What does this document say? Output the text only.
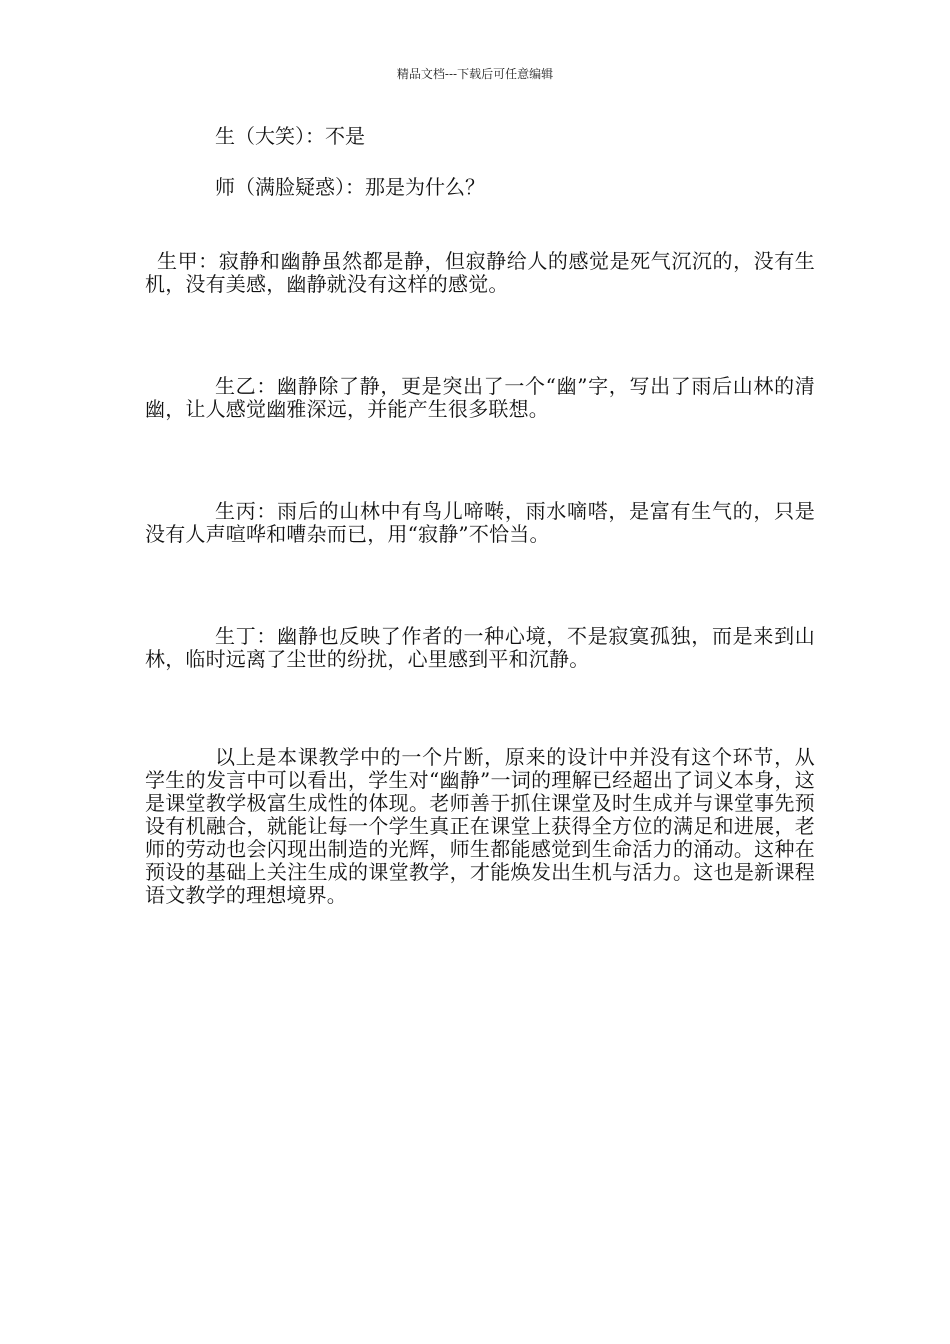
精品文档---下载后可任意编辑
生（大笑）：不是
师（满脸疑惑）：那是为什么？
生甲：寂静和幽静虽然都是静，但寂静给人的感觉是死气沉沉的，没有生机，没有美感，幽静就没有这样的感觉。
生乙：幽静除了静，更是突出了一个“幽”字，写出了雨后山林的清幽，让人感觉幽雅深远，并能产生很多联想。
生丙：雨后的山林中有鸟儿啼啭，雨水嘀嗒，是富有生气的，只是没有人声喧哗和嘈杂而已，用“寂静”不恰当。
生丁：幽静也反映了作者的一种心境，不是寂寞孤独，而是来到山林，临时远离了尘世的纷扰，心里感到平和沉静。
以上是本课教学中的一个片断，原来的设计中并没有这个环节，从学生的发言中可以看出，学生对“幽静”一词的理解已经超出了词义本身，这是课堂教学极富生成性的体现。老师善于抓住课堂及时生成并与课堂事先预设有机融合，就能让每一个学生真正在课堂上获得全方位的满足和进展，老师的劳动也会闪现出制造的光辉，师生都能感觉到生命活力的涌动。这种在预设的基础上关注生成的课堂教学，才能焕发出生机与活力。这也是新课程语文教学的理想境界。
